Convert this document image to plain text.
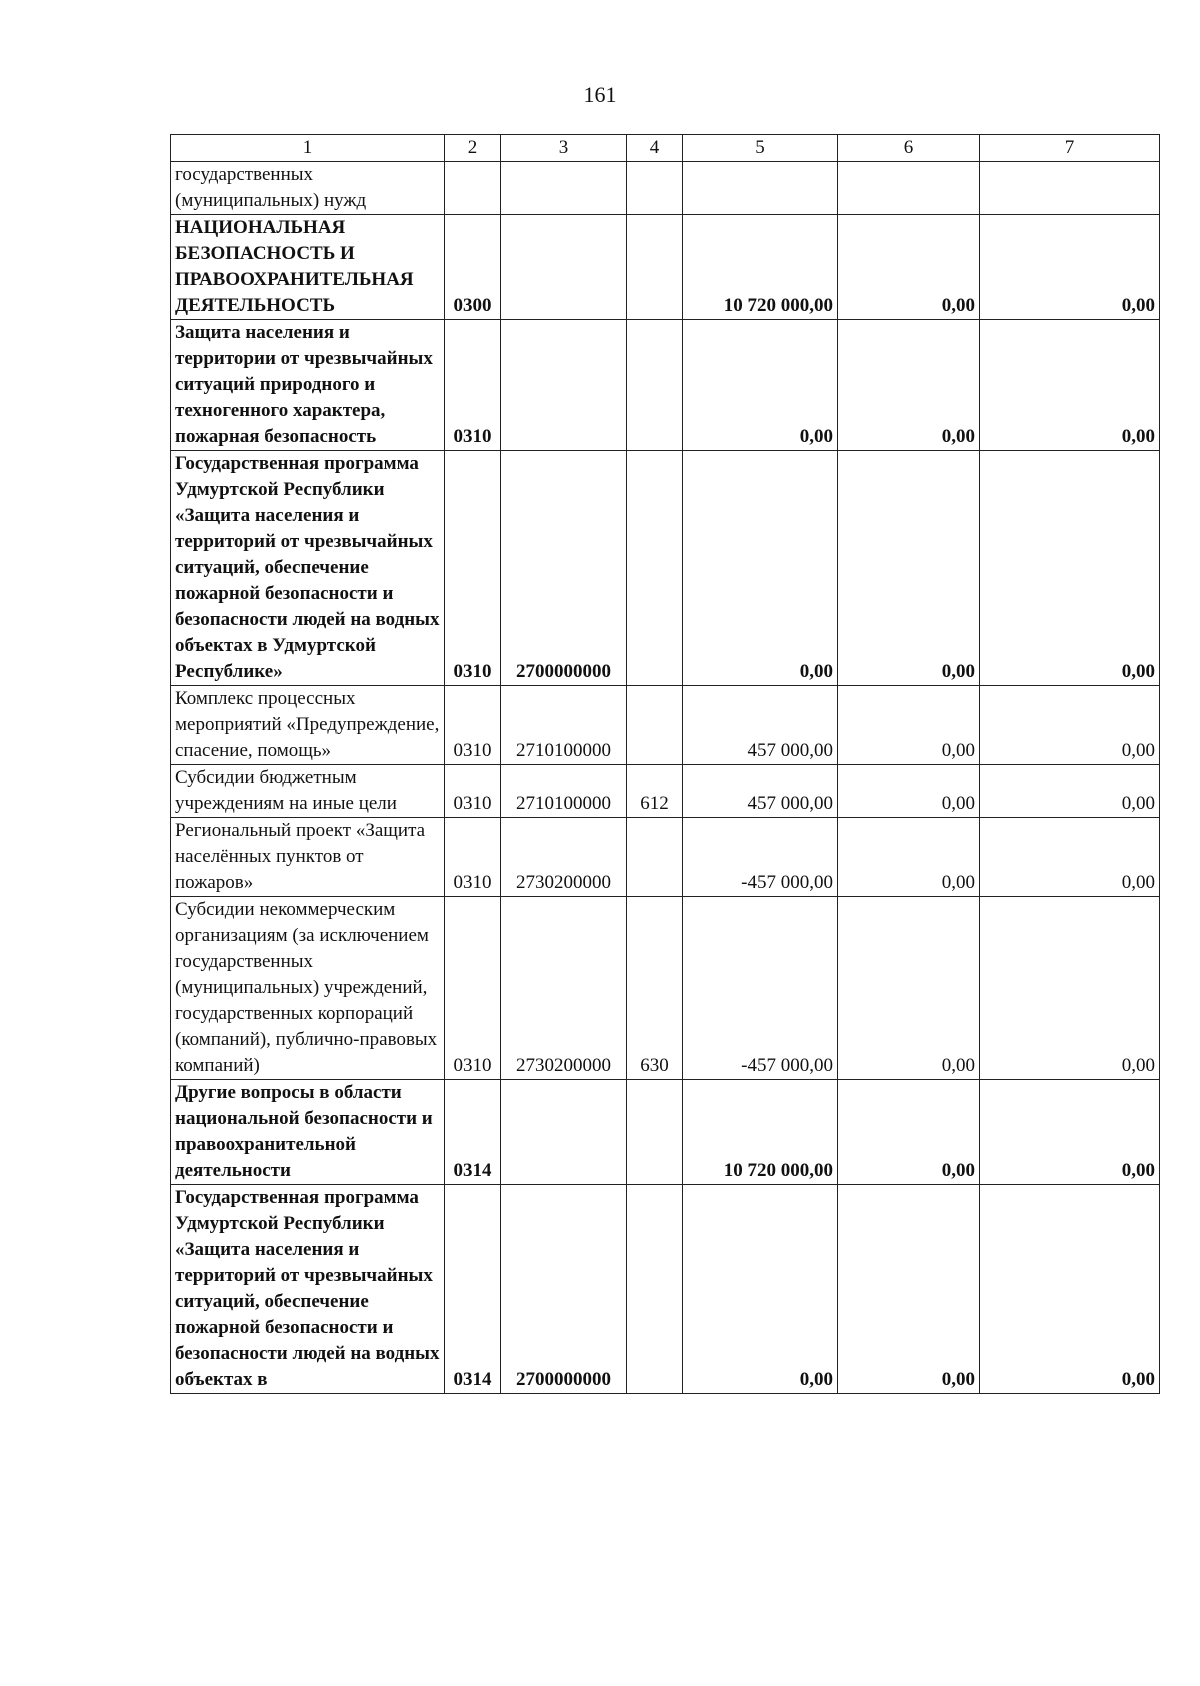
161
1	2	3	4	5	6	7
государственных (муниципальных) нужд						
НАЦИОНАЛЬНАЯ БЕЗОПАСНОСТЬ И ПРАВООХРАНИТЕЛЬНАЯ ДЕЯТЕЛЬНОСТЬ	0300			10 720 000,00	0,00	0,00
Защита населения и территории от чрезвычайных ситуаций природного и техногенного характера, пожарная безопасность	0310			0,00	0,00	0,00
Государственная программа Удмуртской Республики «Защита населения и территорий от чрезвычайных ситуаций, обеспечение пожарной безопасности и безопасности людей на водных объектах в Удмуртской Республике»	0310	2700000000		0,00	0,00	0,00
Комплекс процессных мероприятий «Предупреждение, спасение, помощь»	0310	2710100000		457 000,00	0,00	0,00
Субсидии бюджетным учреждениям на иные цели	0310	2710100000	612	457 000,00	0,00	0,00
Региональный проект «Защита населённых пунктов от пожаров»	0310	2730200000		-457 000,00	0,00	0,00
Субсидии некоммерческим организациям (за исключением государственных (муниципальных) учреждений, государственных корпораций (компаний), публично-правовых компаний)	0310	2730200000	630	-457 000,00	0,00	0,00
Другие вопросы в области национальной безопасности и правоохранительной деятельности	0314			10 720 000,00	0,00	0,00
Государственная программа Удмуртской Республики «Защита населения и территорий от чрезвычайных ситуаций, обеспечение пожарной безопасности и безопасности людей на водных объектах в	0314	2700000000		0,00	0,00	0,00
